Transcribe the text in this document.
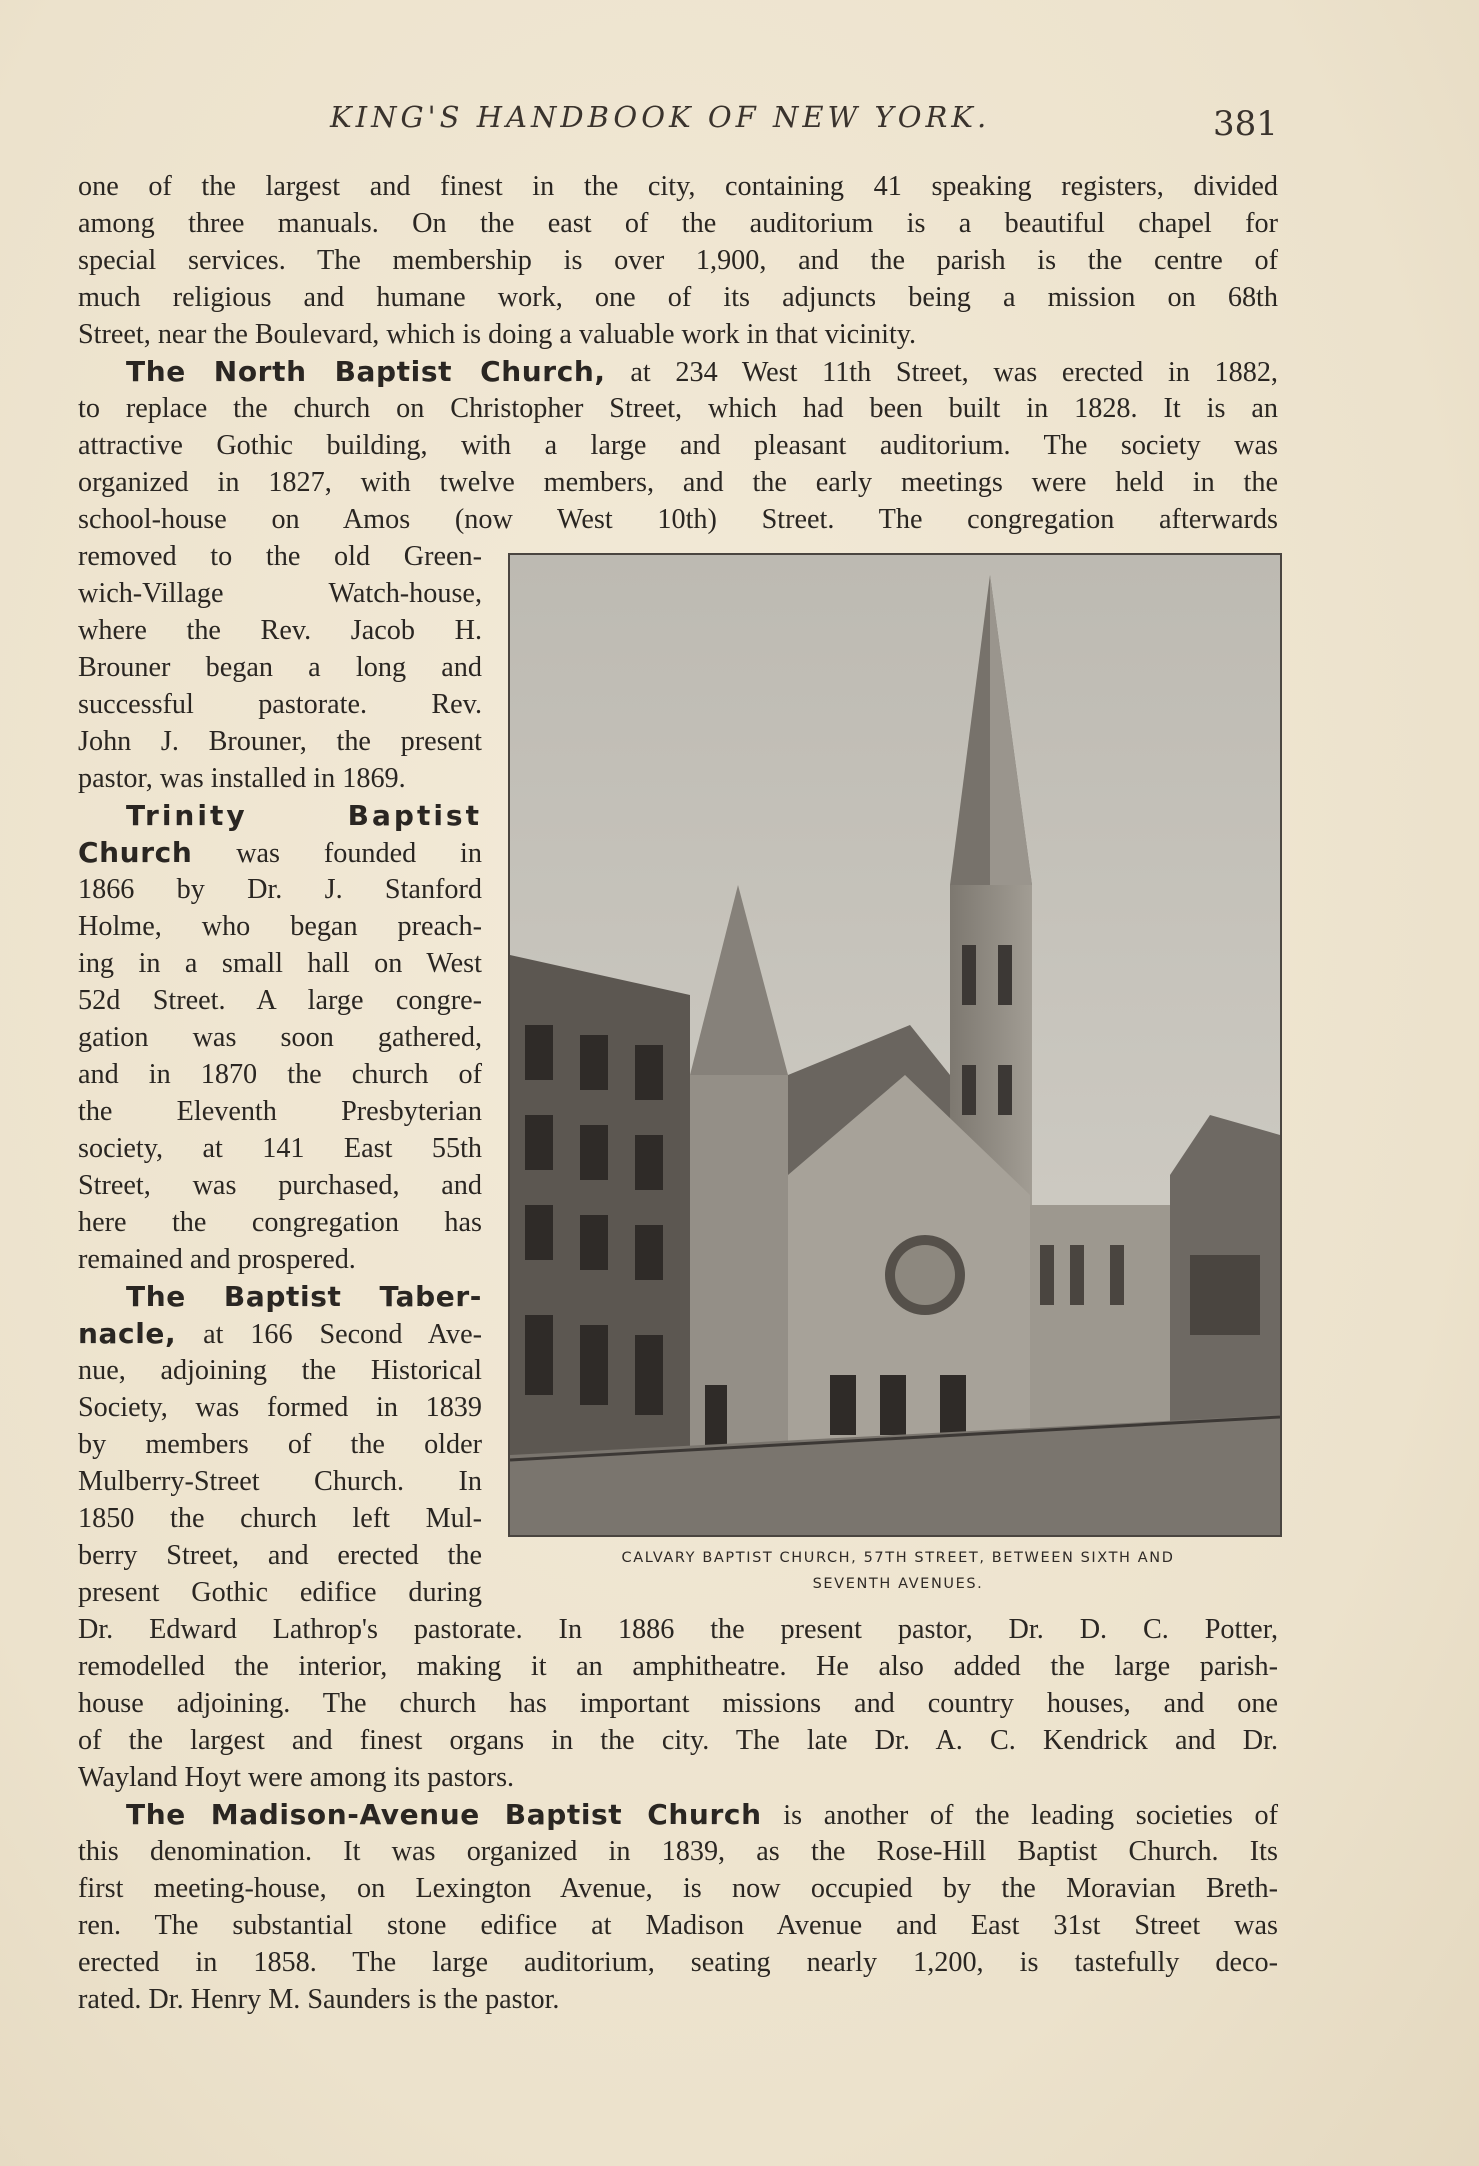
KING'S HANDBOOK OF NEW YORK.	381
one of the largest and finest in the city, containing 41 speaking registers, divided
among three manuals. On the east of the auditorium is a beautiful chapel for
special services. The membership is over 1,900, and the parish is the centre of
much religious and humane work, one of its adjuncts being a mission on 68th
Street, near the Boulevard, which is doing a valuable work in that vicinity.
The North Baptist Church, at 234 West 11th Street, was erected in 1882,
to replace the church on Christopher Street, which had been built in 1828. It is an
attractive Gothic building, with a large and pleasant auditorium. The society was
organized in 1827, with twelve members, and the early meetings were held in the
school-house on Amos (now West 10th) Street. The congregation afterwards
removed to the old Green-
wich-Village Watch-house,
where the Rev. Jacob H.
Brouner began a long and
successful pastorate. Rev.
John J. Brouner, the present
pastor, was installed in 1869.
Trinity Baptist
Church was founded in
1866 by Dr. J. Stanford
Holme, who began preach-
ing in a small hall on West
52d Street. A large congre-
gation was soon gathered,
and in 1870 the church of
the Eleventh Presbyterian
society, at 141 East 55th
Street, was purchased, and
here the congregation has
remained and prospered.
The Baptist Taber-
nacle, at 166 Second Ave-
nue, adjoining the Historical
Society, was formed in 1839
by members of the older
Mulberry-Street Church. In
1850 the church left Mul-
berry Street, and erected the
present Gothic edifice during
Dr. Edward Lathrop's pastorate. In 1886 the present pastor, Dr. D. C. Potter,
remodelled the interior, making it an amphitheatre. He also added the large parish-
house adjoining. The church has important missions and country houses, and one
of the largest and finest organs in the city. The late Dr. A. C. Kendrick and Dr.
Wayland Hoyt were among its pastors.
The Madison-Avenue Baptist Church is another of the leading societies of
this denomination. It was organized in 1839, as the Rose-Hill Baptist Church. Its
first meeting-house, on Lexington Avenue, is now occupied by the Moravian Breth-
ren. The substantial stone edifice at Madison Avenue and East 31st Street was
erected in 1858. The large auditorium, seating nearly 1,200, is tastefully deco-
rated. Dr. Henry M. Saunders is the pastor.
CALVARY BAPTIST CHURCH, 57TH STREET, BETWEEN SIXTH AND
SEVENTH AVENUES.
